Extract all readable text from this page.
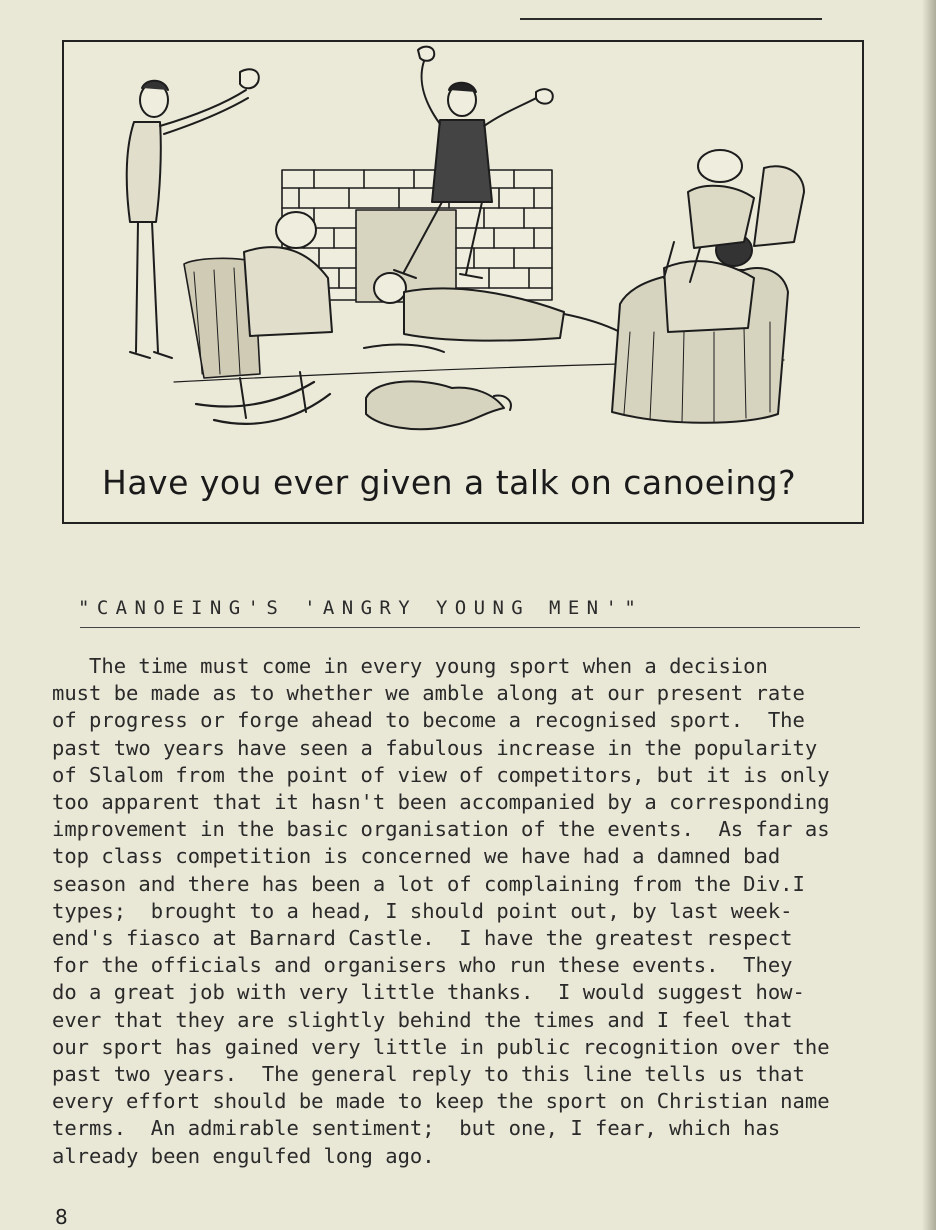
Have you ever given a talk on canoeing?
"CANOEING'S 'ANGRY YOUNG MEN'"
The time must come in every young sport when a decision
must be made as to whether we amble along at our present rate
of progress or forge ahead to become a recognised sport.  The
past two years have seen a fabulous increase in the popularity
of Slalom from the point of view of competitors, but it is only
too apparent that it hasn't been accompanied by a corresponding
improvement in the basic organisation of the events.  As far as
top class competition is concerned we have had a damned bad
season and there has been a lot of complaining from the Div.I
types;  brought to a head, I should point out, by last week-
end's fiasco at Barnard Castle.  I have the greatest respect
for the officials and organisers who run these events.  They
do a great job with very little thanks.  I would suggest how-
ever that they are slightly behind the times and I feel that
our sport has gained very little in public recognition over the
past two years.  The general reply to this line tells us that
every effort should be made to keep the sport on Christian name
terms.  An admirable sentiment;  but one, I fear, which has
already been engulfed long ago.
8
